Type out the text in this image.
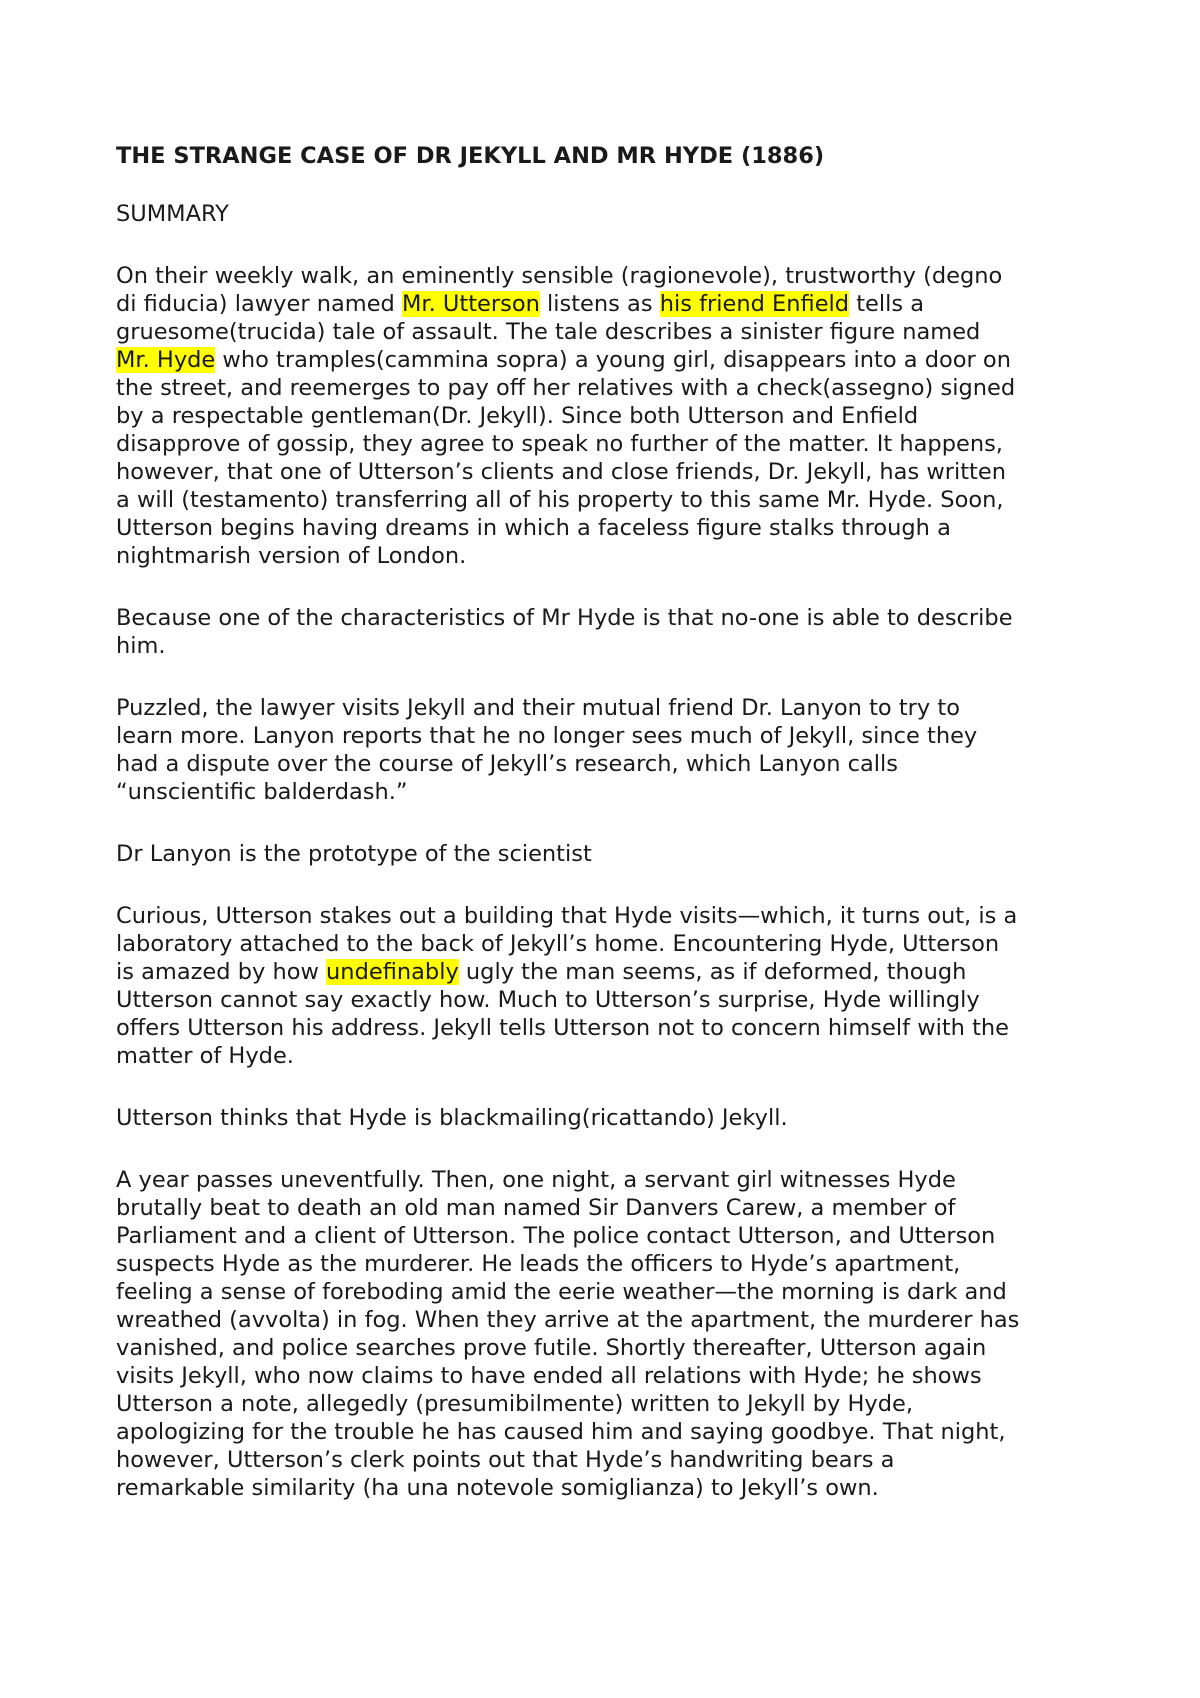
THE STRANGE CASE OF DR JEKYLL AND MR HYDE (1886)
SUMMARY
On their weekly walk, an eminently sensible (ragionevole), trustworthy (degno
di fiducia) lawyer named Mr. Utterson listens as his friend Enfield tells a
gruesome(trucida) tale of assault. The tale describes a sinister figure named
Mr. Hyde who tramples(cammina sopra) a young girl, disappears into a door on
the street, and reemerges to pay off her relatives with a check(assegno) signed
by a respectable gentleman(Dr. Jekyll). Since both Utterson and Enfield
disapprove of gossip, they agree to speak no further of the matter. It happens,
however, that one of Utterson’s clients and close friends, Dr. Jekyll, has written
a will (testamento) transferring all of his property to this same Mr. Hyde. Soon,
Utterson begins having dreams in which a faceless figure stalks through a
nightmarish version of London.
Because one of the characteristics of Mr Hyde is that no-one is able to describe
him.
Puzzled, the lawyer visits Jekyll and their mutual friend Dr. Lanyon to try to
learn more. Lanyon reports that he no longer sees much of Jekyll, since they
had a dispute over the course of Jekyll’s research, which Lanyon calls
“unscientific balderdash.”
Dr Lanyon is the prototype of the scientist
Curious, Utterson stakes out a building that Hyde visits—which, it turns out, is a
laboratory attached to the back of Jekyll’s home. Encountering Hyde, Utterson
is amazed by how undefinably ugly the man seems, as if deformed, though
Utterson cannot say exactly how. Much to Utterson’s surprise, Hyde willingly
offers Utterson his address. Jekyll tells Utterson not to concern himself with the
matter of Hyde.
Utterson thinks that Hyde is blackmailing(ricattando) Jekyll.
A year passes uneventfully. Then, one night, a servant girl witnesses Hyde
brutally beat to death an old man named Sir Danvers Carew, a member of
Parliament and a client of Utterson. The police contact Utterson, and Utterson
suspects Hyde as the murderer. He leads the officers to Hyde’s apartment,
feeling a sense of foreboding amid the eerie weather—the morning is dark and
wreathed (avvolta) in fog. When they arrive at the apartment, the murderer has
vanished, and police searches prove futile. Shortly thereafter, Utterson again
visits Jekyll, who now claims to have ended all relations with Hyde; he shows
Utterson a note, allegedly (presumibilmente) written to Jekyll by Hyde,
apologizing for the trouble he has caused him and saying goodbye. That night,
however, Utterson’s clerk points out that Hyde’s handwriting bears a
remarkable similarity (ha una notevole somiglianza) to Jekyll’s own.
